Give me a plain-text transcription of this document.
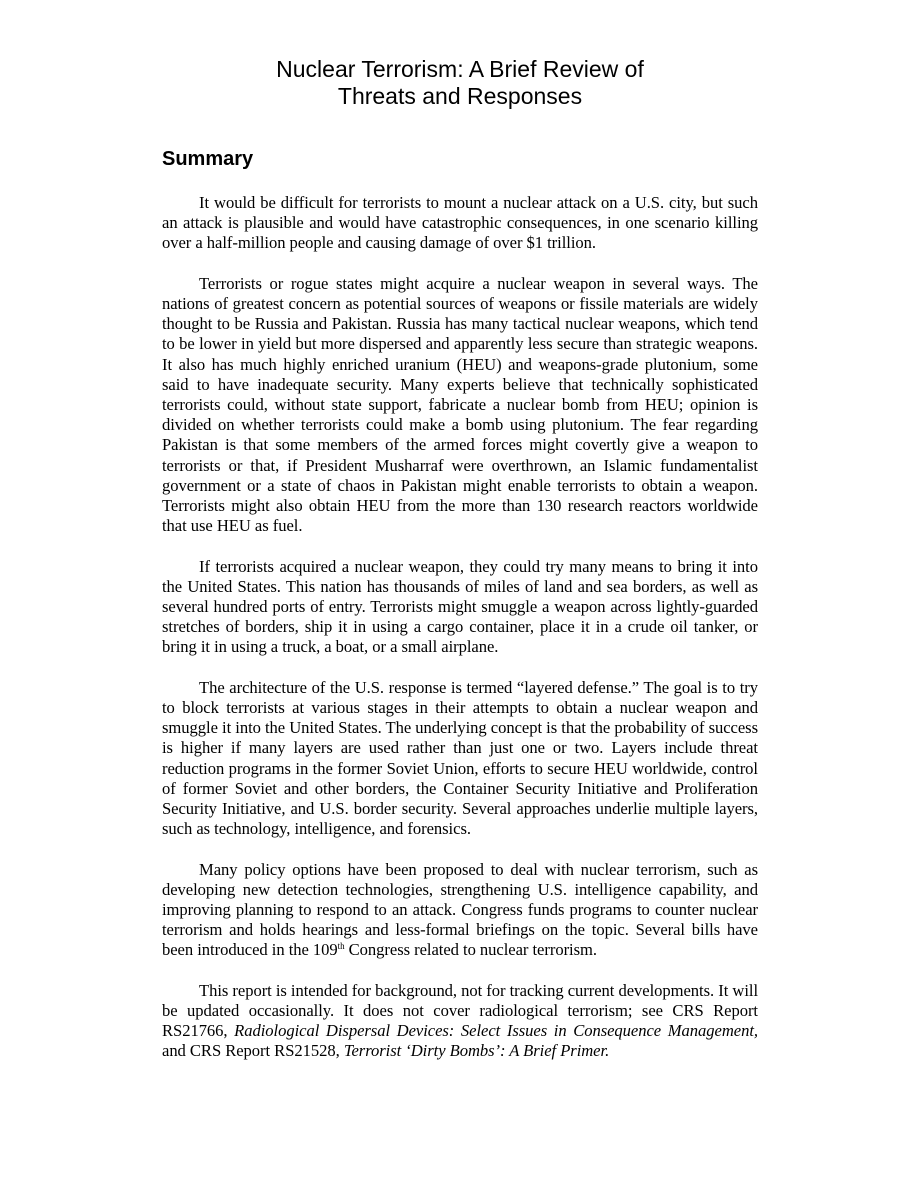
Nuclear Terrorism: A Brief Review of
Threats and Responses
Summary

It would be difficult for terrorists to mount a nuclear attack on a U.S. city, but such an attack is plausible and would have catastrophic consequences, in one scenario killing over a half-million people and causing damage of over $1 trillion.

Terrorists or rogue states might acquire a nuclear weapon in several ways. The nations of greatest concern as potential sources of weapons or fissile materials are widely thought to be Russia and Pakistan. Russia has many tactical nuclear weapons, which tend to be lower in yield but more dispersed and apparently less secure than strategic weapons. It also has much highly enriched uranium (HEU) and weapons-grade plutonium, some said to have inadequate security. Many experts believe that technically sophisticated terrorists could, without state support, fabricate a nuclear bomb from HEU; opinion is divided on whether terrorists could make a bomb using plutonium. The fear regarding Pakistan is that some members of the armed forces might covertly give a weapon to terrorists or that, if President Musharraf were overthrown, an Islamic fundamentalist government or a state of chaos in Pakistan might enable terrorists to obtain a weapon. Terrorists might also obtain HEU from the more than 130 research reactors worldwide that use HEU as fuel.

If terrorists acquired a nuclear weapon, they could try many means to bring it into the United States. This nation has thousands of miles of land and sea borders, as well as several hundred ports of entry. Terrorists might smuggle a weapon across lightly-guarded stretches of borders, ship it in using a cargo container, place it in a crude oil tanker, or bring it in using a truck, a boat, or a small airplane.

The architecture of the U.S. response is termed “layered defense.” The goal is to try to block terrorists at various stages in their attempts to obtain a nuclear weapon and smuggle it into the United States. The underlying concept is that the probability of success is higher if many layers are used rather than just one or two. Layers include threat reduction programs in the former Soviet Union, efforts to secure HEU worldwide, control of former Soviet and other borders, the Container Security Initiative and Proliferation Security Initiative, and U.S. border security. Several approaches underlie multiple layers, such as technology, intelligence, and forensics.

Many policy options have been proposed to deal with nuclear terrorism, such as developing new detection technologies, strengthening U.S. intelligence capability, and improving planning to respond to an attack. Congress funds programs to counter nuclear terrorism and holds hearings and less-formal briefings on the topic. Several bills have been introduced in the 109th Congress related to nuclear terrorism.

This report is intended for background, not for tracking current developments. It will be updated occasionally. It does not cover radiological terrorism; see CRS Report RS21766, Radiological Dispersal Devices: Select Issues in Consequence Management, and CRS Report RS21528, Terrorist ‘Dirty Bombs’: A Brief Primer.
